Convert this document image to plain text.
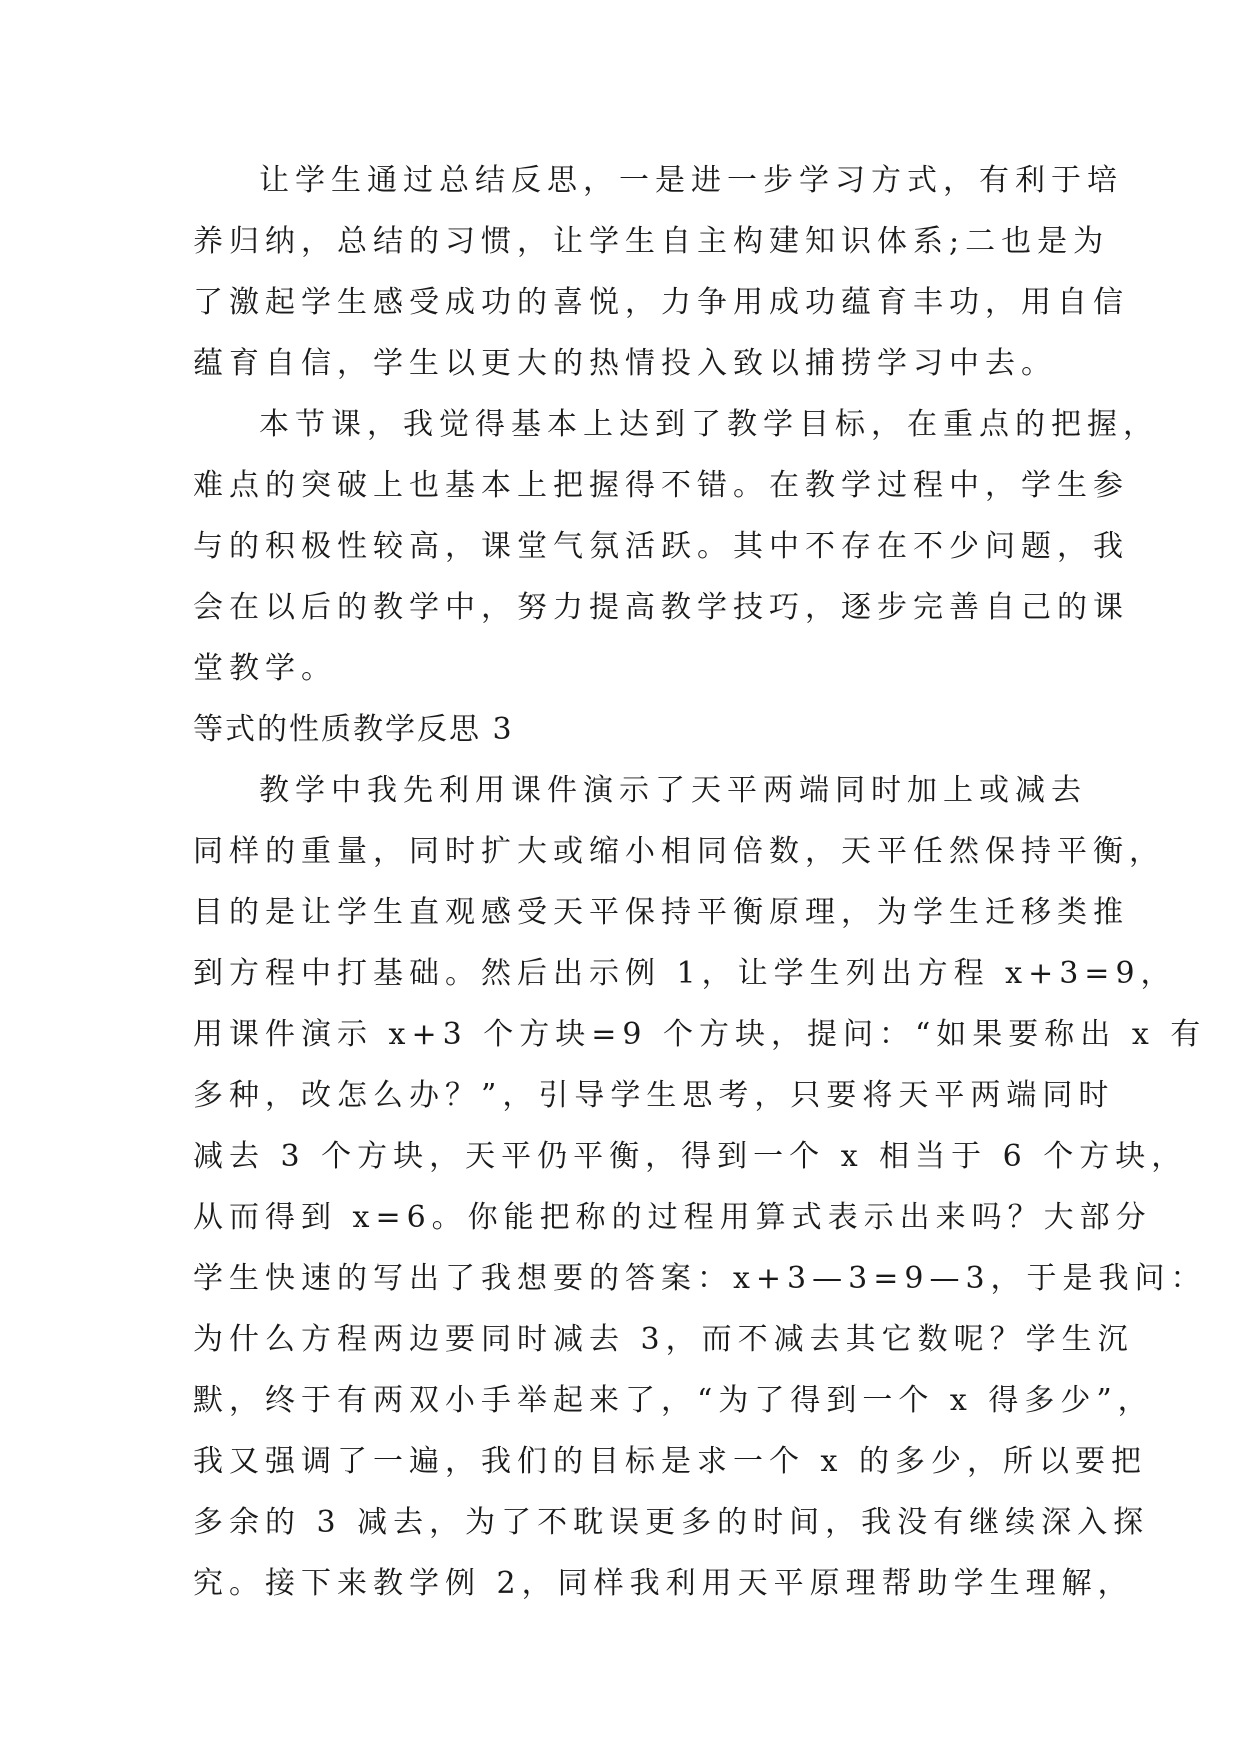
让学生通过总结反思，一是进一步学习方式，有利于培
养归纳，总结的习惯，让学生自主构建知识体系;二也是为
了激起学生感受成功的喜悦，力争用成功蕴育丰功，用自信
蕴育自信，学生以更大的热情投入致以捕捞学习中去。
本节课，我觉得基本上达到了教学目标，在重点的把握，
难点的突破上也基本上把握得不错。在教学过程中，学生参
与的积极性较高，课堂气氛活跃。其中不存在不少问题，我
会在以后的教学中，努力提高教学技巧，逐步完善自己的课
堂教学。
等式的性质教学反思 3
教学中我先利用课件演示了天平两端同时加上或减去
同样的重量，同时扩大或缩小相同倍数，天平任然保持平衡，
目的是让学生直观感受天平保持平衡原理，为学生迁移类推
到方程中打基础。然后出示例 1，让学生列出方程 x+3=9，
用课件演示 x+3 个方块=9 个方块，提问：“如果要称出 x 有
多种，改怎么办？”，引导学生思考，只要将天平两端同时
减去 3 个方块，天平仍平衡，得到一个 x 相当于 6 个方块，
从而得到 x=6。你能把称的过程用算式表示出来吗？大部分
学生快速的写出了我想要的答案：x+3—3=9—3，于是我问：
为什么方程两边要同时减去 3，而不减去其它数呢？学生沉
默，终于有两双小手举起来了，“为了得到一个 x 得多少”，
我又强调了一遍，我们的目标是求一个 x 的多少，所以要把
多余的 3 减去，为了不耽误更多的时间，我没有继续深入探
究。接下来教学例 2，同样我利用天平原理帮助学生理解，
